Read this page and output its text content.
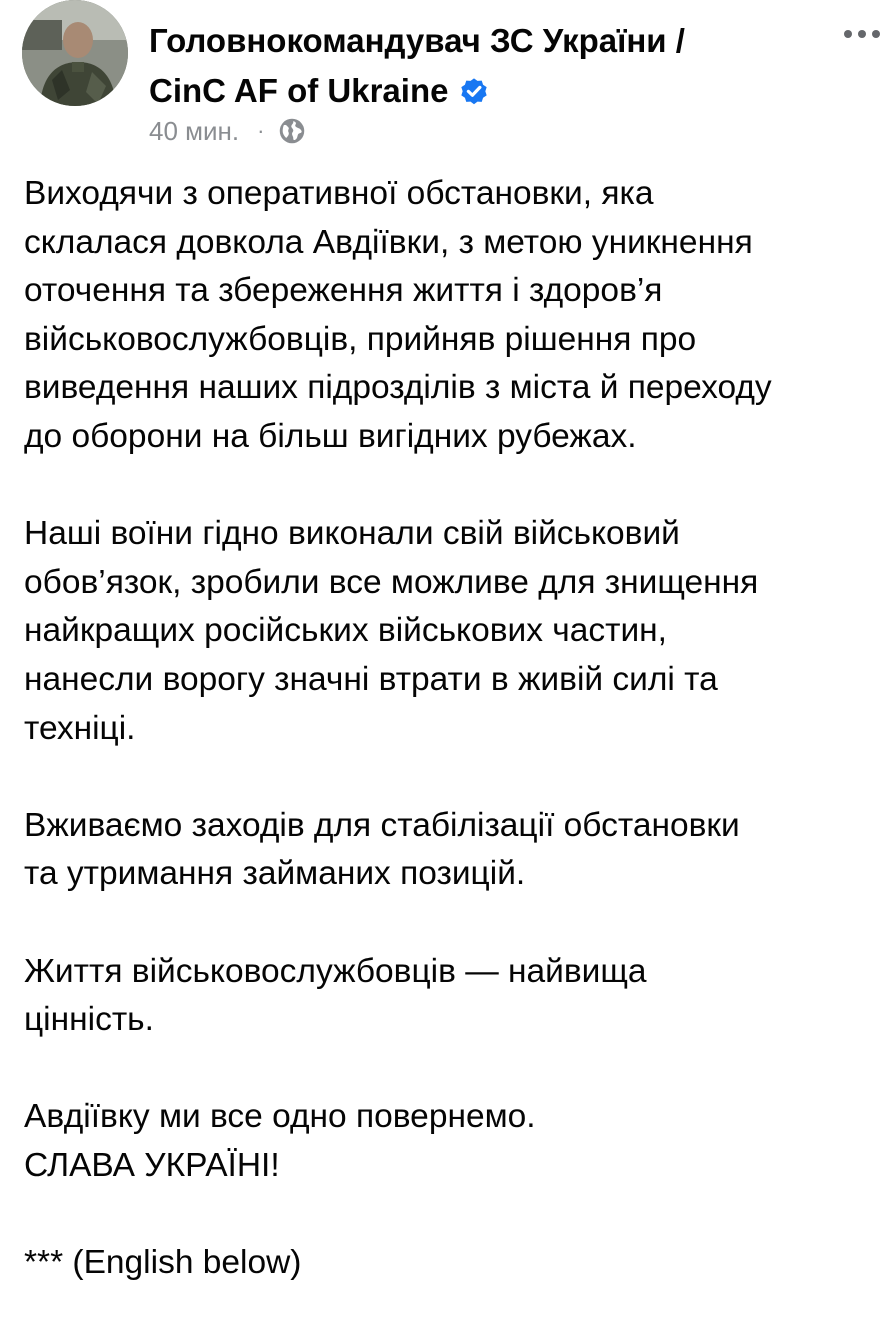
Головнокомандувач ЗС України /
CinC AF of Ukraine
40 мин. ·

Виходячи з оперативної обстановки, яка
склалася довкола Авдіївки, з метою уникнення
оточення та збереження життя і здоров’я
військовослужбовців, прийняв рішення про
виведення наших підрозділів з міста й переходу
до оборони на більш вигідних рубежах.

Наші воїни гідно виконали свій військовий
обов’язок, зробили все можливе для знищення
найкращих російських військових частин,
нанесли ворогу значні втрати в живій силі та
техніці.

Вживаємо заходів для стабілізації обстановки
та утримання займаних позицій.

Життя військовослужбовців — найвища
цінність.

Авдіївку ми все одно повернемо.
СЛАВА УКРАЇНІ!

*** (English below)
